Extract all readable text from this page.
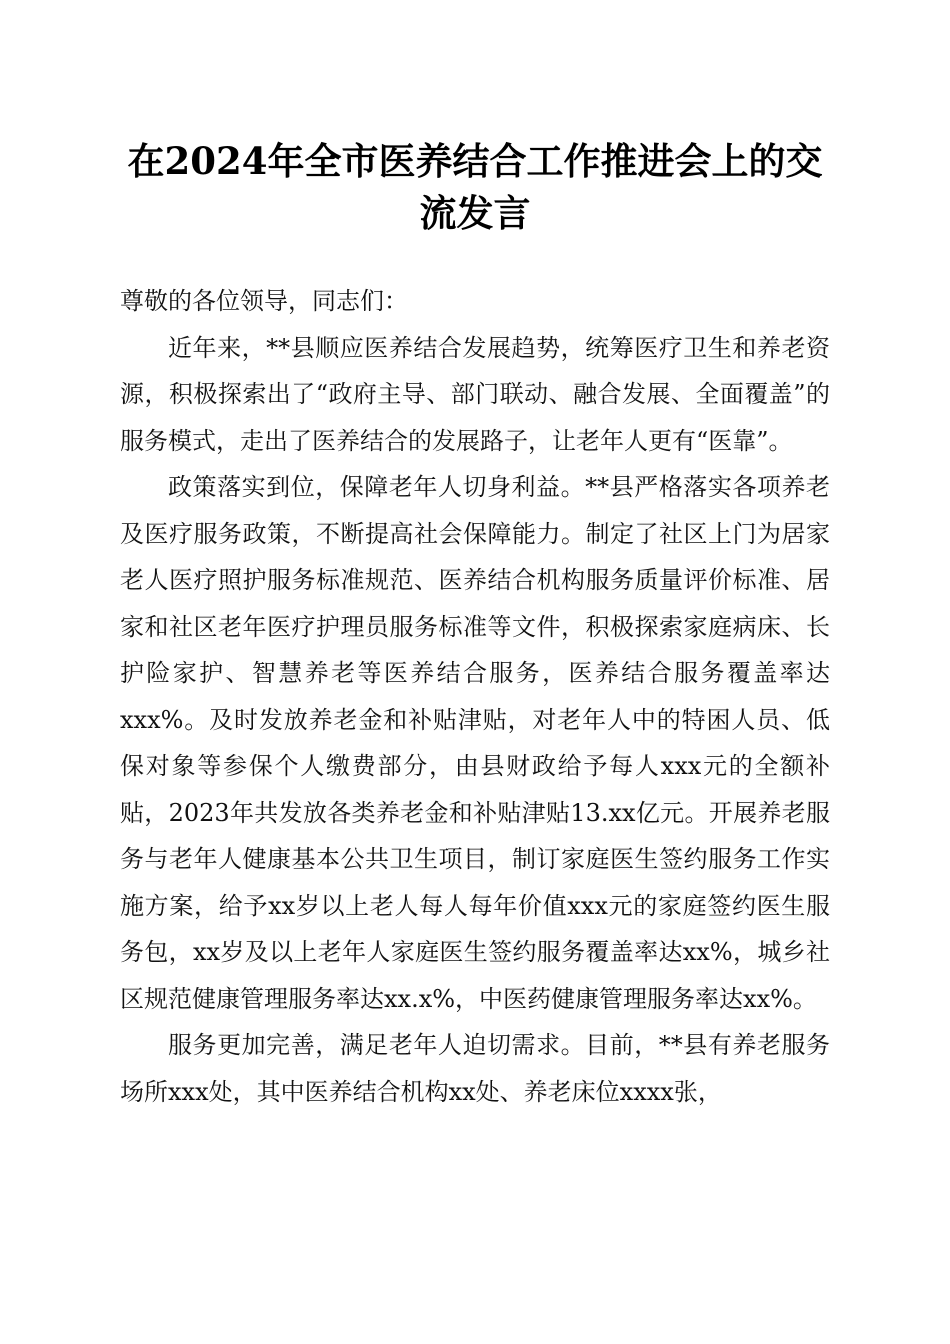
在2024年全市医养结合工作推进会上的交流发言

尊敬的各位领导，同志们：

近年来，**县顺应医养结合发展趋势，统筹医疗卫生和养老资源，积极探索出了“政府主导、部门联动、融合发展、全面覆盖”的服务模式，走出了医养结合的发展路子，让老年人更有“医靠”。

政策落实到位，保障老年人切身利益。**县严格落实各项养老及医疗服务政策，不断提高社会保障能力。制定了社区上门为居家老人医疗照护服务标准规范、医养结合机构服务质量评价标准、居家和社区老年医疗护理员服务标准等文件，积极探索家庭病床、长护险家护、智慧养老等医养结合服务，医养结合服务覆盖率达xxx%。及时发放养老金和补贴津贴，对老年人中的特困人员、低保对象等参保个人缴费部分，由县财政给予每人xxx元的全额补贴，2023年共发放各类养老金和补贴津贴13.xx亿元。开展养老服务与老年人健康基本公共卫生项目，制订家庭医生签约服务工作实施方案，给予xx岁以上老人每人每年价值xxx元的家庭签约医生服务包，xx岁及以上老年人家庭医生签约服务覆盖率达xx%，城乡社区规范健康管理服务率达xx.x%，中医药健康管理服务率达xx%。

服务更加完善，满足老年人迫切需求。目前，**县有养老服务场所xxx处，其中医养结合机构xx处、养老床位xxxx张，
